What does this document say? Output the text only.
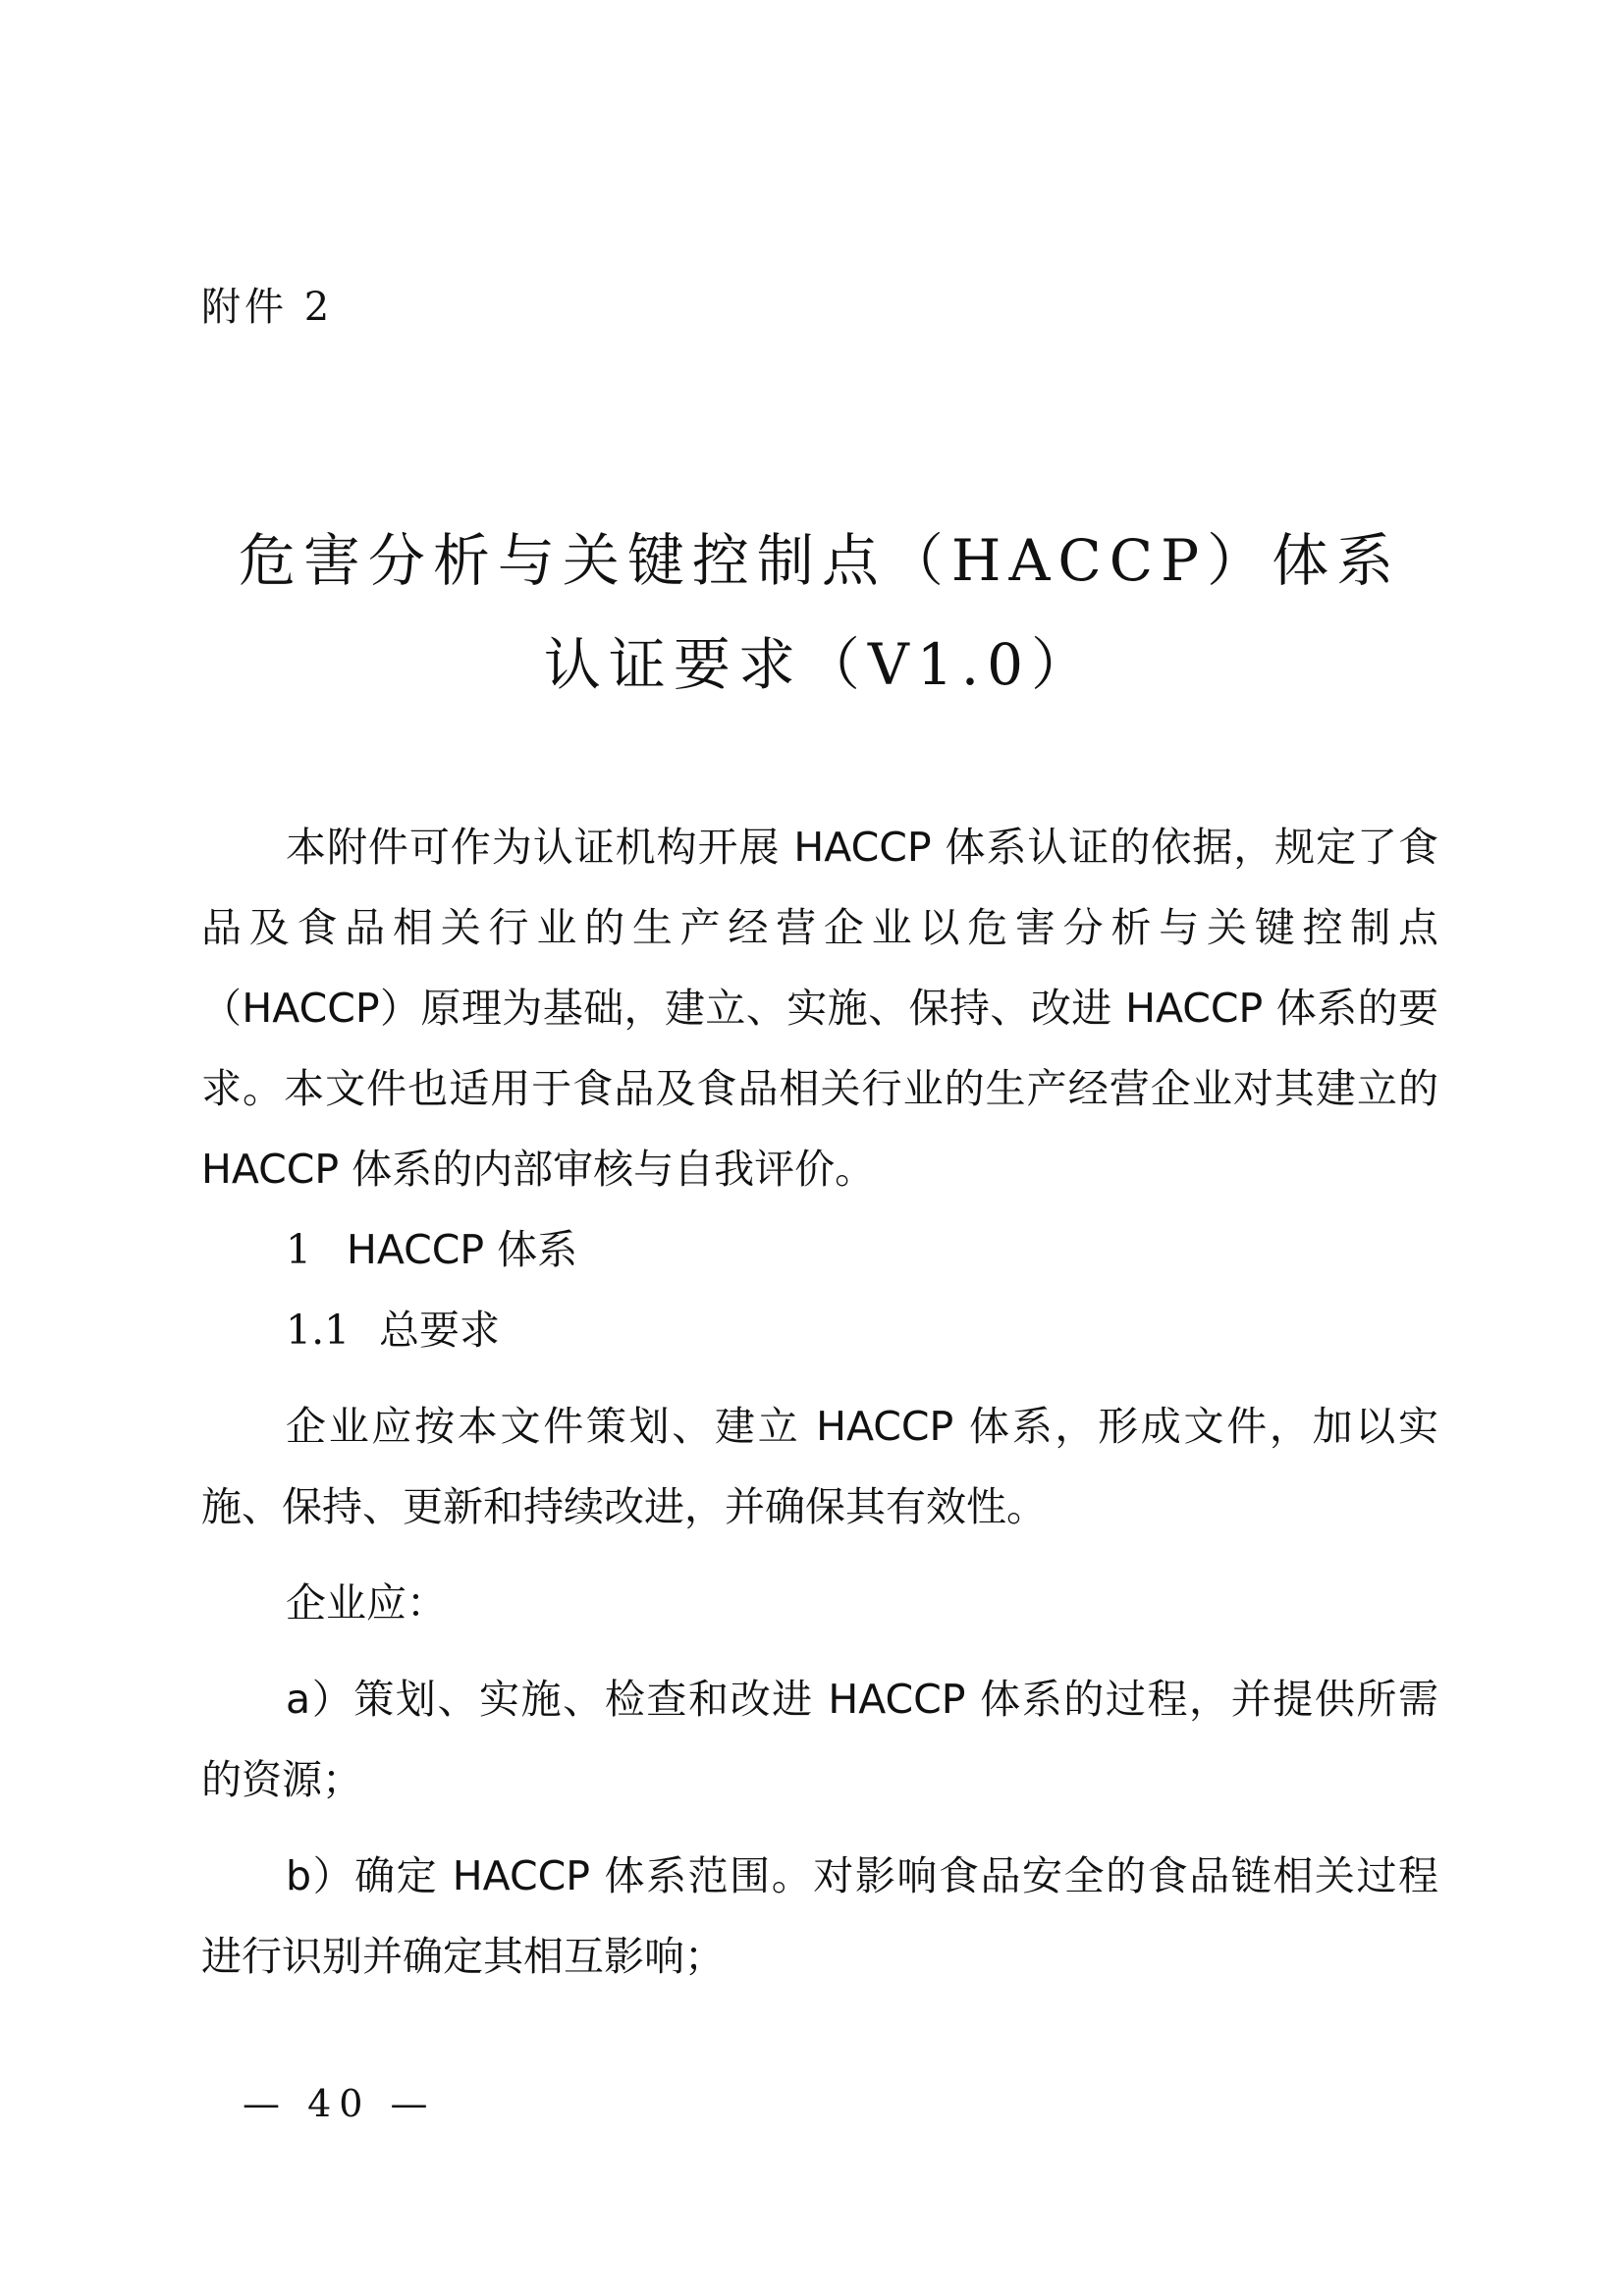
附件 2
危害分析与关键控制点（HACCP）体系
认证要求（V1.0）

本附件可作为认证机构开展 HACCP 体系认证的依据，规定了食品及食品相关行业的生产经营企业以危害分析与关键控制点（HACCP）原理为基础，建立、实施、保持、改进 HACCP 体系的要求。本文件也适用于食品及食品相关行业的生产经营企业对其建立的 HACCP 体系的内部审核与自我评价。

1 HACCP 体系

1.1 总要求

企业应按本文件策划、建立 HACCP 体系，形成文件，加以实施、保持、更新和持续改进，并确保其有效性。

企业应：

a）策划、实施、检查和改进 HACCP 体系的过程，并提供所需的资源；

b）确定 HACCP 体系范围。对影响食品安全的食品链相关过程进行识别并确定其相互影响；

— 40 —
